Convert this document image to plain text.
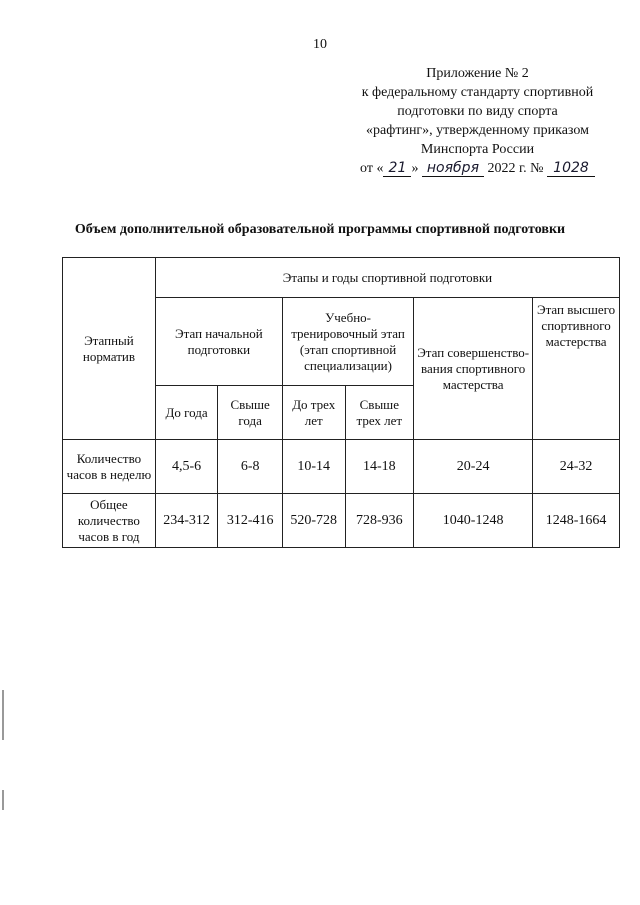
10
Приложение № 2
к федеральному стандарту спортивной
подготовки по виду спорта
«рафтинг», утвержденному приказом
Минспорта России
от « 21 » ноября 2022 г. № 1028
Объем дополнительной образовательной программы спортивной подготовки
Этапный норматив	Этапы и годы спортивной подготовки					
	Этап начальной подготовки		Учебно-тренировочный этап (этап спортивной специализации)		Этап совершенство-вания спортивного мастерства	Этап высшего спортивного мастерства
	До года	Свыше года	До трех лет	Свыше трех лет		
Количество часов в неделю	4,5-6	6-8	10-14	14-18	20-24	24-32
Общее количество часов в год	234-312	312-416	520-728	728-936	1040-1248	1248-1664
